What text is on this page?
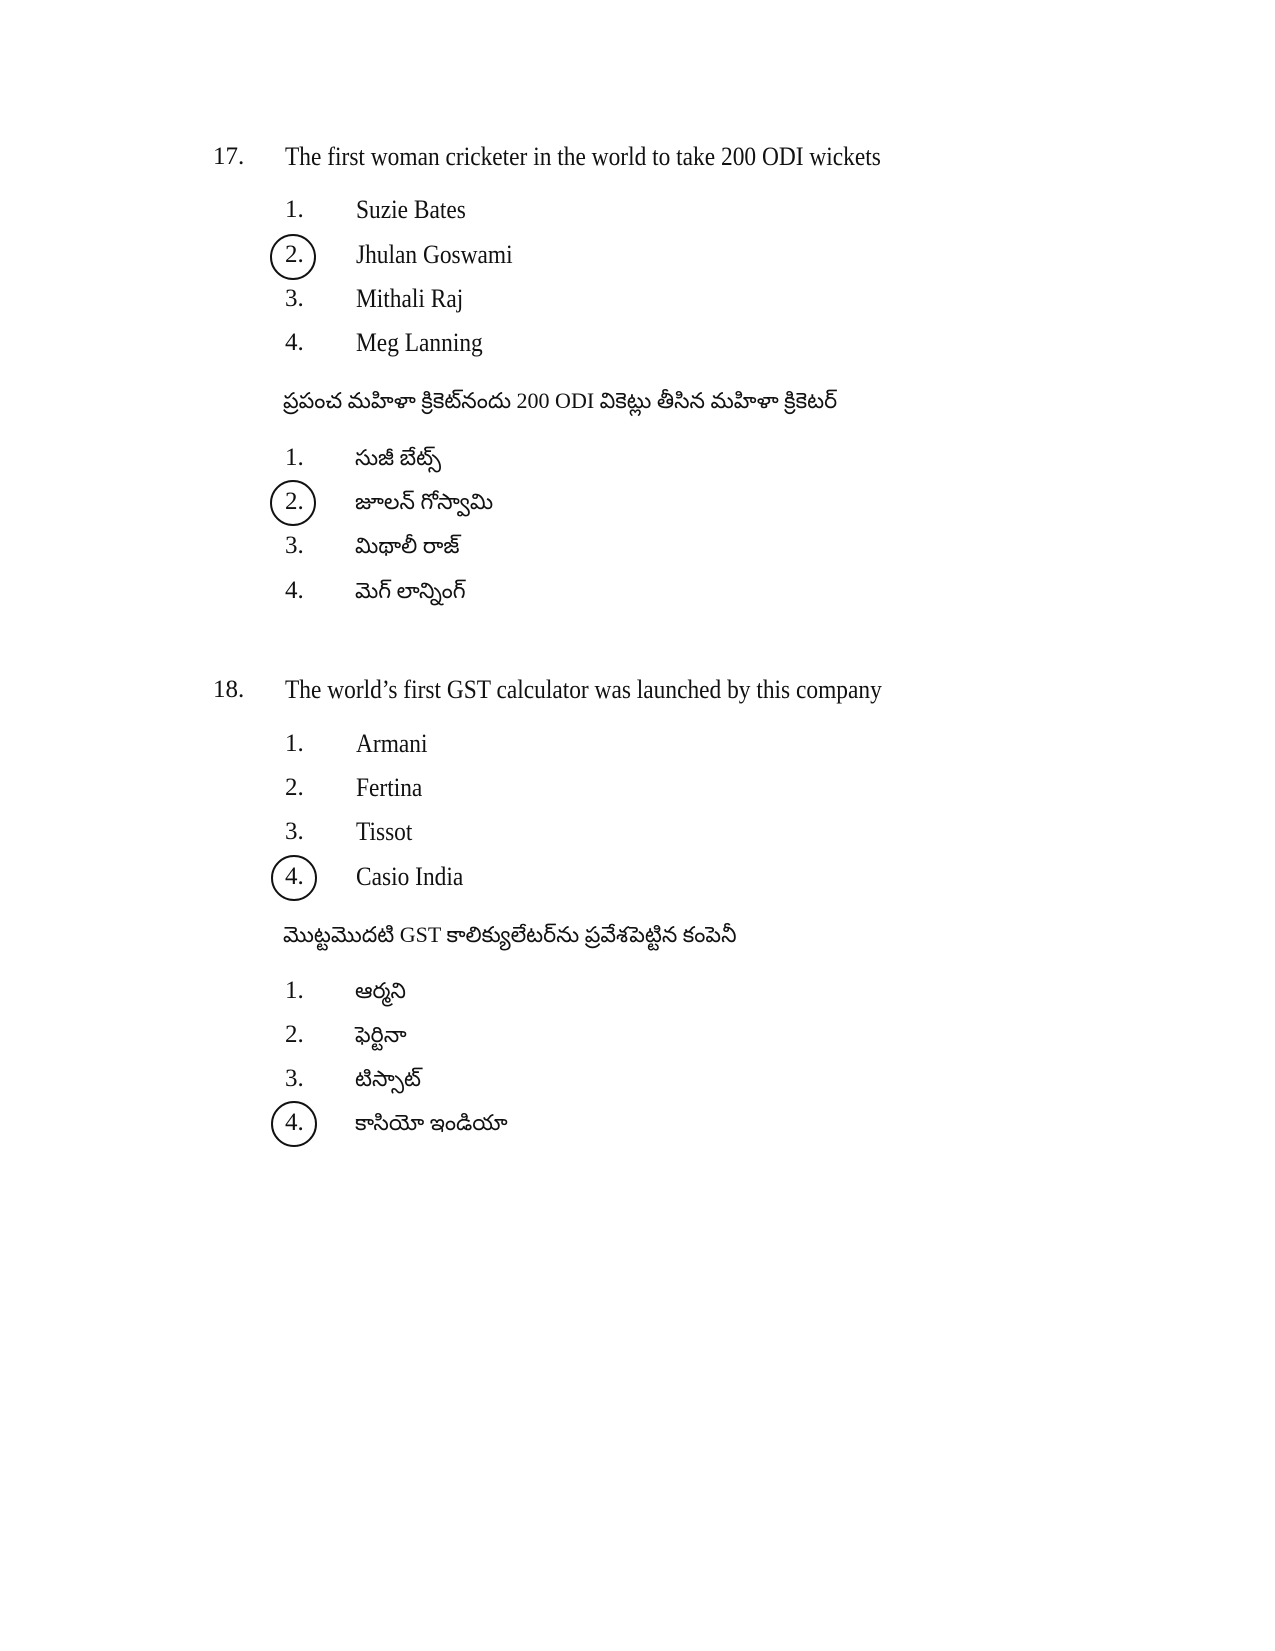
17. The first woman cricketer in the world to take 200 ODI wickets
1. Suzie Bates
2. Jhulan Goswami
3. Mithali Raj
4. Meg Lanning
ప్రపంచ మహిళా క్రికెట్‌నందు 200 ODI వికెట్లు తీసిన మహిళా క్రికెటర్
1. సుజీ బేట్స్
2. జూలన్ గోస్వామి
3. మిథాలీ రాజ్
4. మెగ్ లాన్నింగ్
18. The world’s first GST calculator was launched by this company
1. Armani
2. Fertina
3. Tissot
4. Casio India
మొట్టమొదటి GST కాలిక్యులేటర్‌ను ప్రవేశపెట్టిన కంపెనీ
1. ఆర్మని
2. ఫెర్టినా
3. టిస్సాట్
4. కాసియో ఇండియా
